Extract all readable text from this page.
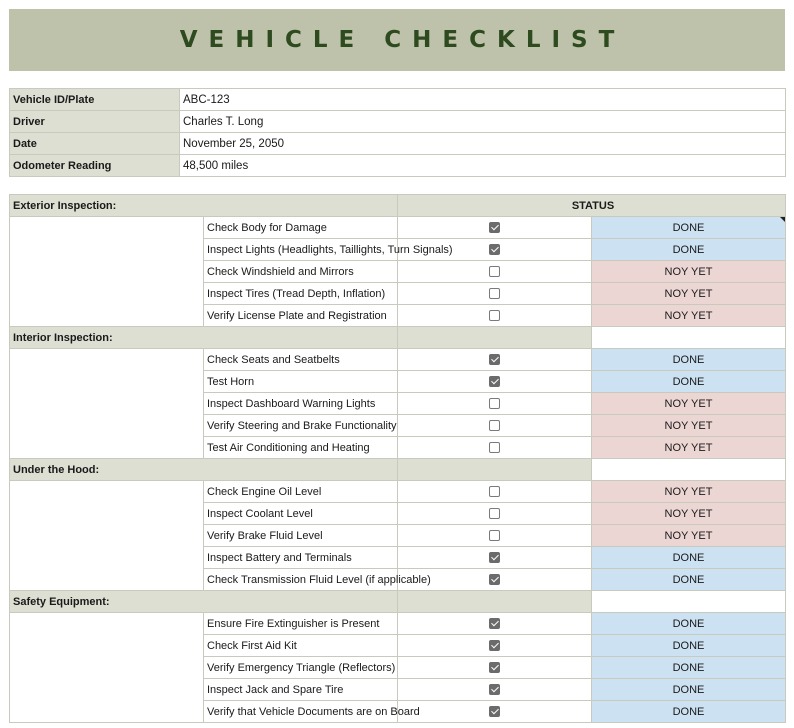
VEHICLE CHECKLIST
Vehicle ID/Plate	ABC-123
Driver	Charles T. Long
Date	November 25, 2050
Odometer Reading	48,500 miles
Exterior Inspection:		STATUS	
	Check Body for Damage		DONE
	Inspect Lights (Headlights, Taillights, Turn Signals)		DONE
	Check Windshield and Mirrors		NOY YET
	Inspect Tires (Tread Depth, Inflation)		NOY YET
	Verify License Plate and Registration		NOY YET
Interior Inspection:			
	Check Seats and Seatbelts		DONE
	Test Horn		DONE
	Inspect Dashboard Warning Lights		NOY YET
	Verify Steering and Brake Functionality		NOY YET
	Test Air Conditioning and Heating		NOY YET
Under the Hood:			
	Check Engine Oil Level		NOY YET
	Inspect Coolant Level		NOY YET
	Verify Brake Fluid Level		NOY YET
	Inspect Battery and Terminals		DONE
	Check Transmission Fluid Level (if applicable)		DONE
Safety Equipment:			
	Ensure Fire Extinguisher is Present		DONE
	Check First Aid Kit		DONE
	Verify Emergency Triangle (Reflectors)		DONE
	Inspect Jack and Spare Tire		DONE
	Verify that Vehicle Documents are on Board		DONE
